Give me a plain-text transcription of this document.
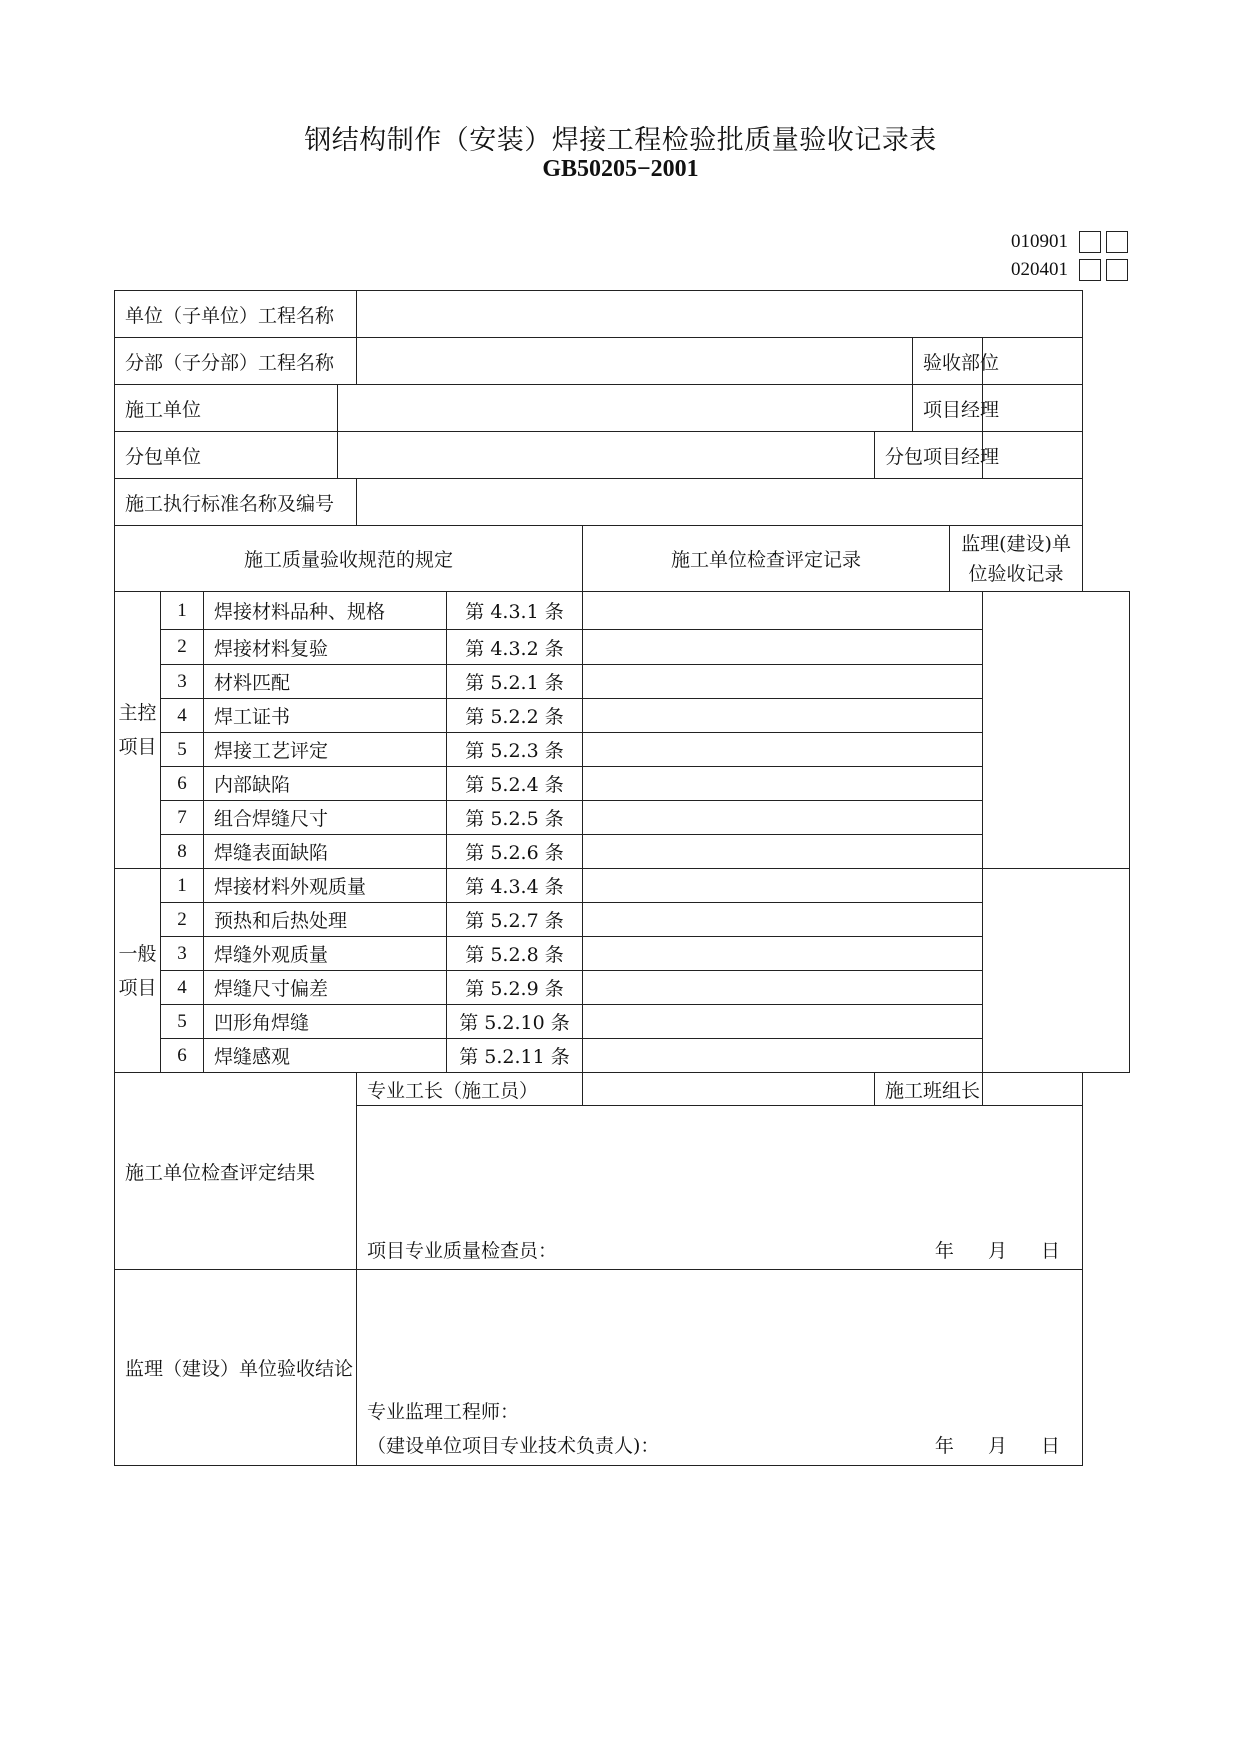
钢结构制作（安装）焊接工程检验批质量验收记录表
GB50205−2001
010901
020401
单位（子单位）工程名称										
分部（子分部）工程名称								验收部位		
施工单位								项目经理		
分包单位							分包项目经理			
施工执行标准名称及编号										
施工质量验收规范的规定						施工单位检查评定记录			监理(建设)单位验收记录	
主控项目	1	焊接材料品种、规格			第 4.3.1 条					
	2	焊接材料复验			第 4.3.2 条					
	3	材料匹配			第 5.2.1 条					
	4	焊工证书			第 5.2.2 条					
	5	焊接工艺评定			第 5.2.3 条					
	6	内部缺陷			第 5.2.4 条					
	7	组合焊缝尺寸			第 5.2.5 条					
	8	焊缝表面缺陷			第 5.2.6 条					
一般项目	1	焊接材料外观质量			第 4.3.4 条					
	2	预热和后热处理			第 5.2.7 条					
	3	焊缝外观质量			第 5.2.8 条					
	4	焊缝尺寸偏差			第 5.2.9 条					
	5	凹形角焊缝			第 5.2.10 条					
	6	焊缝感观			第 5.2.11 条					
施工单位检查评定结果				专业工长（施工员）			施工班组长			

				项目专业质量检查员： 年 月 日						

监理（建设）单位验收结论				专业监理工程师：
（建设单位项目专业技术负责人)： 年 月 日						
